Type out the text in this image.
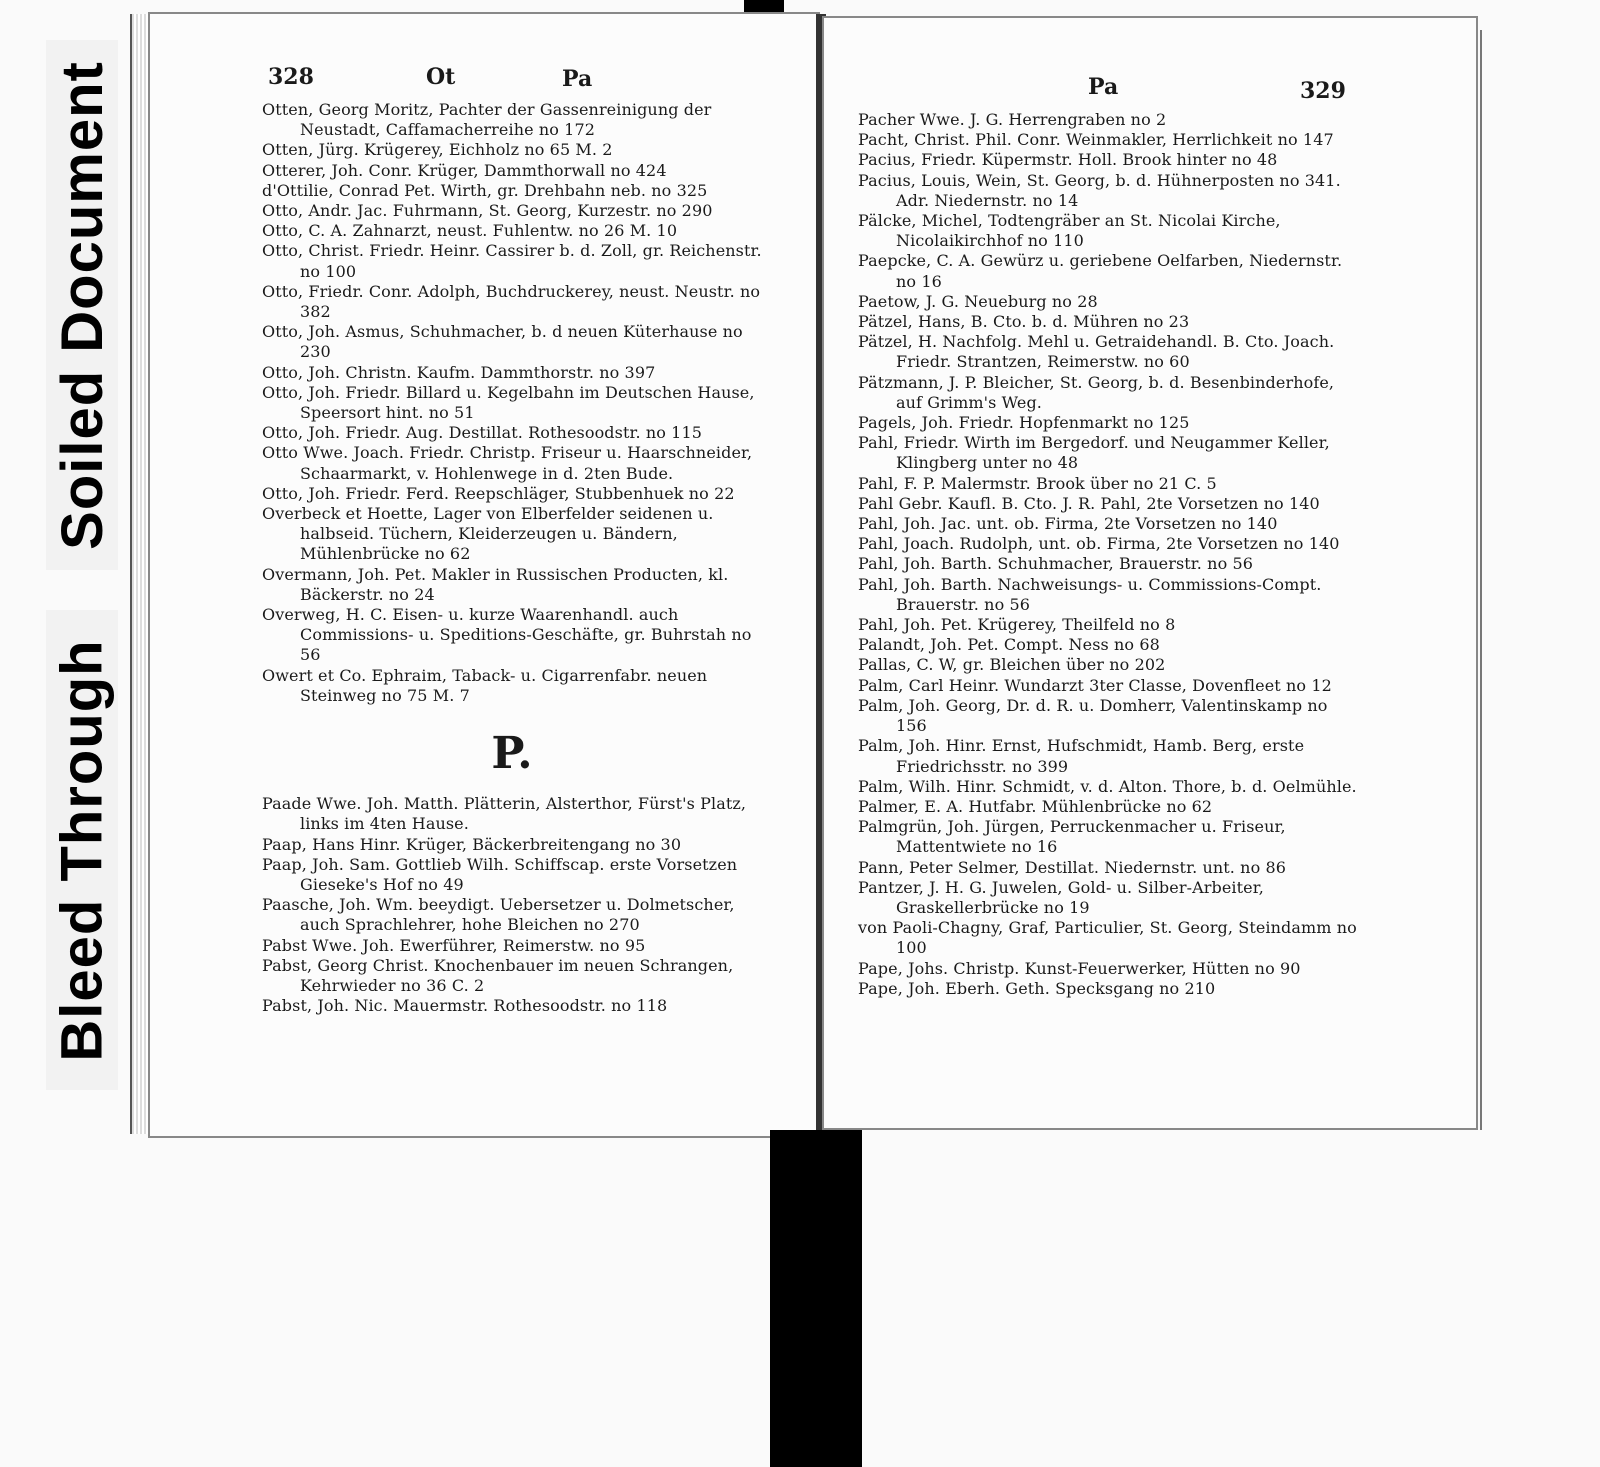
Soiled Document
Bleed Through
328	Ot	Pa
Otten, Georg Moritz, Pachter der Gassenreinigung der Neustadt, Caffamacherreihe no 172
Otten, Jürg. Krügerey, Eichholz no 65 M. 2
Otterer, Joh. Conr. Krüger, Dammthorwall no 424
d'Ottilie, Conrad Pet. Wirth, gr. Drehbahn neb. no 325
Otto, Andr. Jac. Fuhrmann, St. Georg, Kurzestr. no 290
Otto, C. A. Zahnarzt, neust. Fuhlentw. no 26 M. 10
Otto, Christ. Friedr. Heinr. Cassirer b. d. Zoll, gr. Reichenstr. no 100
Otto, Friedr. Conr. Adolph, Buchdruckerey, neust. Neustr. no 382
Otto, Joh. Asmus, Schuhmacher, b. d neuen Küterhause no 230
Otto, Joh. Christn. Kaufm. Dammthorstr. no 397
Otto, Joh. Friedr. Billard u. Kegelbahn im Deutschen Hause, Speersort hint. no 51
Otto, Joh. Friedr. Aug. Destillat. Rothesoodstr. no 115
Otto Wwe. Joach. Friedr. Christp. Friseur u. Haarschneider, Schaarmarkt, v. Hohlenwege in d. 2ten Bude.
Otto, Joh. Friedr. Ferd. Reepschläger, Stubbenhuek no 22
Overbeck et Hoette, Lager von Elberfelder seidenen u. halbseid. Tüchern, Kleiderzeugen u. Bändern, Mühlenbrücke no 62
Overmann, Joh. Pet. Makler in Russischen Producten, kl. Bäckerstr. no 24
Overweg, H. C. Eisen- u. kurze Waarenhandl. auch Commissions- u. Speditions-Geschäfte, gr. Buhrstah no 56
Owert et Co. Ephraim, Taback- u. Cigarrenfabr. neuen Steinweg no 75 M. 7
P.
Paade Wwe. Joh. Matth. Plätterin, Alsterthor, Fürst's Platz, links im 4ten Hause.
Paap, Hans Hinr. Krüger, Bäckerbreitengang no 30
Paap, Joh. Sam. Gottlieb Wilh. Schiffscap. erste Vorsetzen Gieseke's Hof no 49
Paasche, Joh. Wm. beeydigt. Uebersetzer u. Dolmetscher, auch Sprachlehrer, hohe Bleichen no 270
Pabst Wwe. Joh. Ewerführer, Reimerstw. no 95
Pabst, Georg Christ. Knochenbauer im neuen Schrangen, Kehrwieder no 36 C. 2
Pabst, Joh. Nic. Mauermstr. Rothesoodstr. no 118
Pa	329
Pacher Wwe. J. G. Herrengraben no 2
Pacht, Christ. Phil. Conr. Weinmakler, Herrlichkeit no 147
Pacius, Friedr. Küpermstr. Holl. Brook hinter no 48
Pacius, Louis, Wein, St. Georg, b. d. Hühnerposten no 341. Adr. Niedernstr. no 14
Pälcke, Michel, Todtengräber an St. Nicolai Kirche, Nicolaikirchhof no 110
Paepcke, C. A. Gewürz u. geriebene Oelfarben, Niedernstr. no 16
Paetow, J. G. Neueburg no 28
Pätzel, Hans, B. Cto. b. d. Mühren no 23
Pätzel, H. Nachfolg. Mehl u. Getraidehandl. B. Cto. Joach. Friedr. Strantzen, Reimerstw. no 60
Pätzmann, J. P. Bleicher, St. Georg, b. d. Besenbinderhofe, auf Grimm's Weg.
Pagels, Joh. Friedr. Hopfenmarkt no 125
Pahl, Friedr. Wirth im Bergedorf. und Neugammer Keller, Klingberg unter no 48
Pahl, F. P. Malermstr. Brook über no 21 C. 5
Pahl Gebr. Kaufl. B. Cto. J. R. Pahl, 2te Vorsetzen no 140
Pahl, Joh. Jac. unt. ob. Firma, 2te Vorsetzen no 140
Pahl, Joach. Rudolph, unt. ob. Firma, 2te Vorsetzen no 140
Pahl, Joh. Barth. Schuhmacher, Brauerstr. no 56
Pahl, Joh. Barth. Nachweisungs- u. Commissions-Compt. Brauerstr. no 56
Pahl, Joh. Pet. Krügerey, Theilfeld no 8
Palandt, Joh. Pet. Compt. Ness no 68
Pallas, C. W, gr. Bleichen über no 202
Palm, Carl Heinr. Wundarzt 3ter Classe, Dovenfleet no 12
Palm, Joh. Georg, Dr. d. R. u. Domherr, Valentinskamp no 156
Palm, Joh. Hinr. Ernst, Hufschmidt, Hamb. Berg, erste Friedrichsstr. no 399
Palm, Wilh. Hinr. Schmidt, v. d. Alton. Thore, b. d. Oelmühle.
Palmer, E. A. Hutfabr. Mühlenbrücke no 62
Palmgrün, Joh. Jürgen, Perruckenmacher u. Friseur, Mattentwiete no 16
Pann, Peter Selmer, Destillat. Niedernstr. unt. no 86
Pantzer, J. H. G. Juwelen, Gold- u. Silber-Arbeiter, Graskellerbrücke no 19
von Paoli-Chagny, Graf, Particulier, St. Georg, Steindamm no 100
Pape, Johs. Christp. Kunst-Feuerwerker, Hütten no 90
Pape, Joh. Eberh. Geth. Specksgang no 210
